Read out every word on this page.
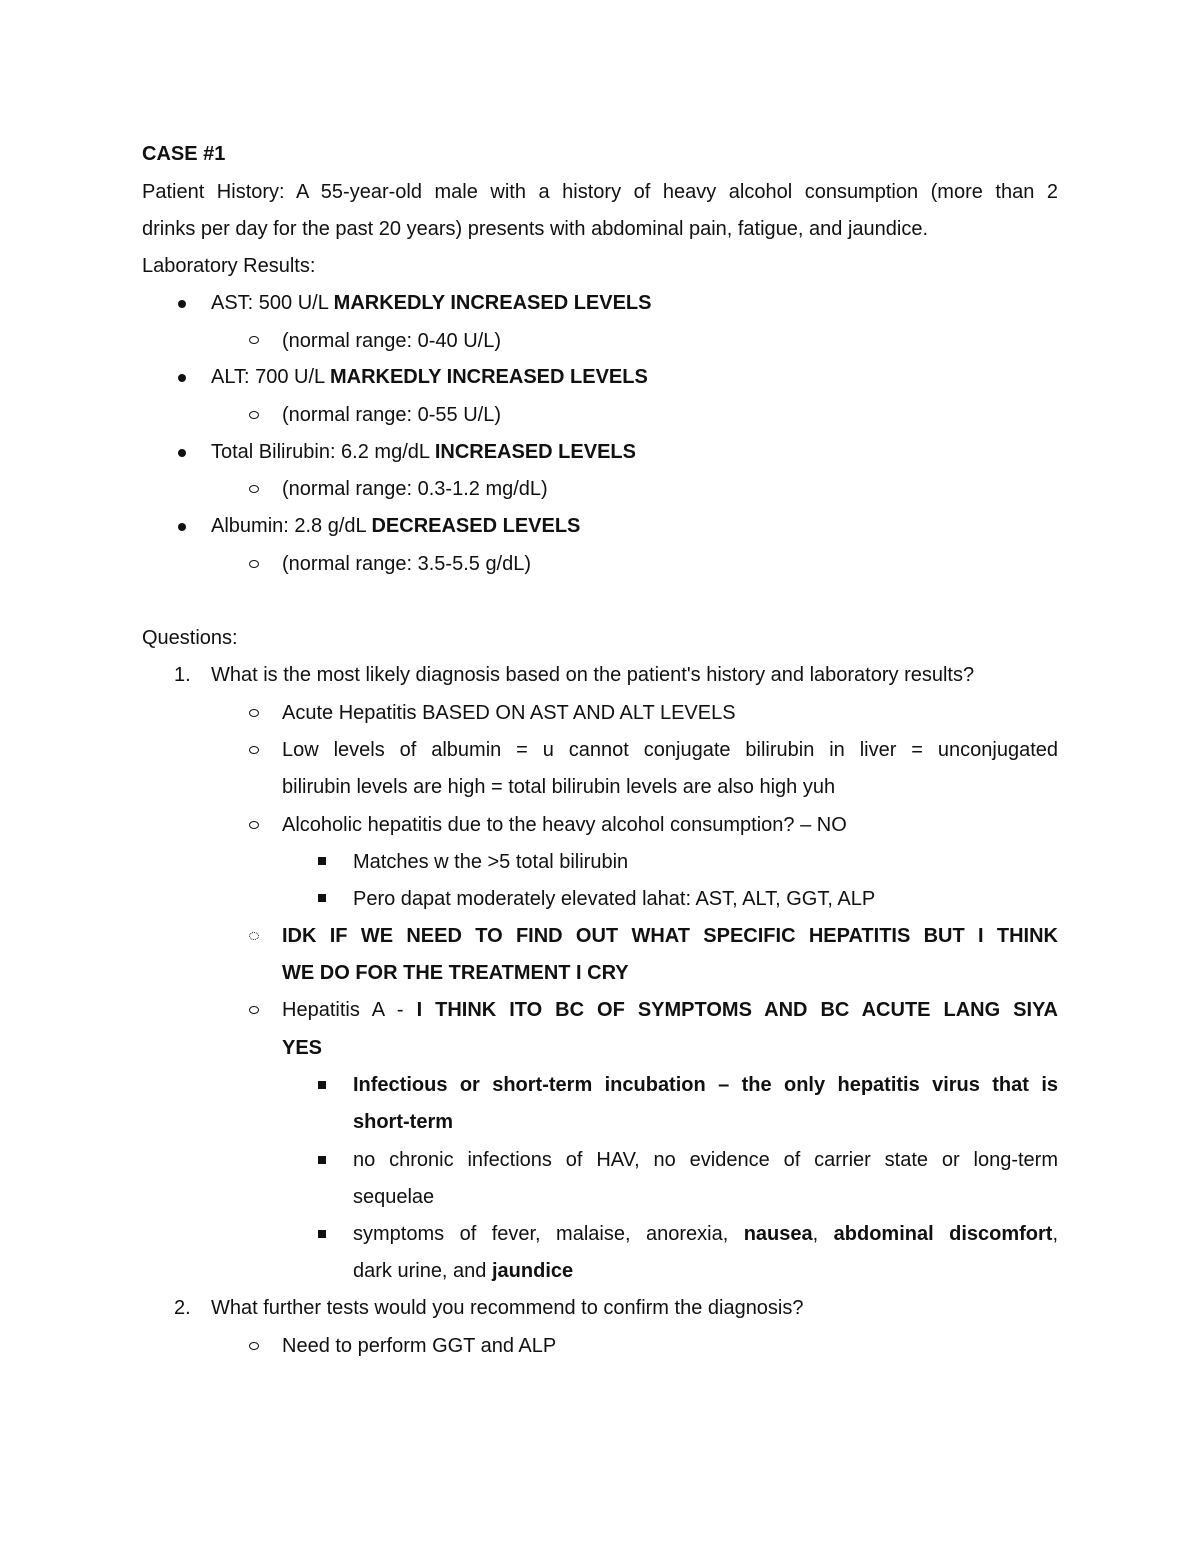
CASE #1
Patient History: A 55-year-old male with a history of heavy alcohol consumption (more than 2
drinks per day for the past 20 years) presents with abdominal pain, fatigue, and jaundice.
Laboratory Results:
AST: 500 U/L MARKEDLY INCREASED LEVELS
(normal range: 0-40 U/L)
ALT: 700 U/L MARKEDLY INCREASED LEVELS
(normal range: 0-55 U/L)
Total Bilirubin: 6.2 mg/dL INCREASED LEVELS
(normal range: 0.3-1.2 mg/dL)
Albumin: 2.8 g/dL DECREASED LEVELS
(normal range: 3.5-5.5 g/dL)
Questions:
1. What is the most likely diagnosis based on the patient's history and laboratory results?
Acute Hepatitis BASED ON AST AND ALT LEVELS
Low levels of albumin = u cannot conjugate bilirubin in liver = unconjugated
bilirubin levels are high = total bilirubin levels are also high yuh
Alcoholic hepatitis due to the heavy alcohol consumption? – NO
Matches w the >5 total bilirubin
Pero dapat moderately elevated lahat: AST, ALT, GGT, ALP
IDK IF WE NEED TO FIND OUT WHAT SPECIFIC HEPATITIS BUT I THINK
WE DO FOR THE TREATMENT I CRY
Hepatitis A - I THINK ITO BC OF SYMPTOMS AND BC ACUTE LANG SIYA
YES
Infectious or short-term incubation – the only hepatitis virus that is
short-term
no chronic infections of HAV, no evidence of carrier state or long-term
sequelae
symptoms of fever, malaise, anorexia, nausea, abdominal discomfort,
dark urine, and jaundice
2. What further tests would you recommend to confirm the diagnosis?
Need to perform GGT and ALP
